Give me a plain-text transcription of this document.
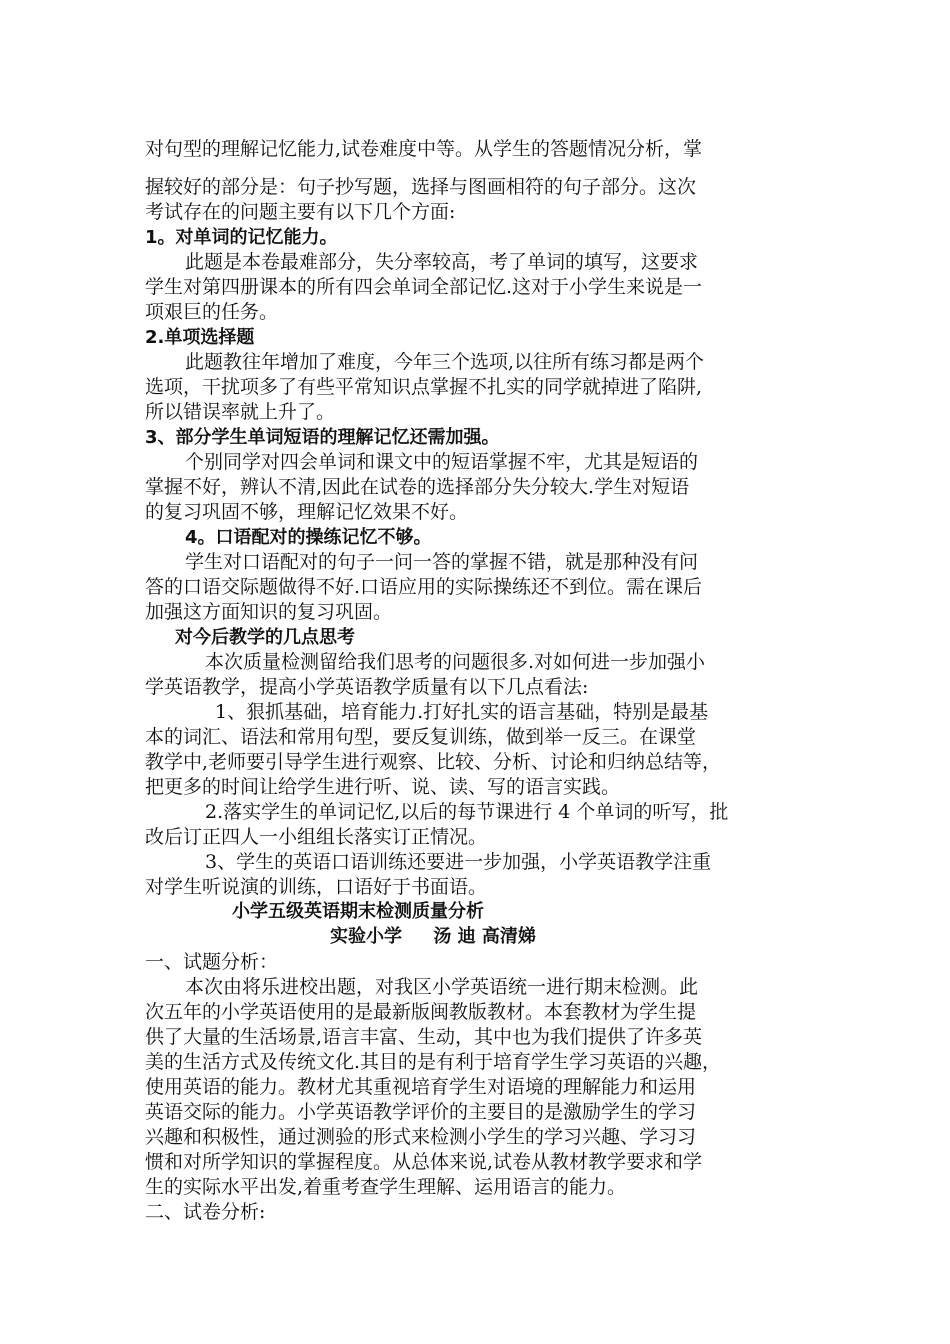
对句型的理解记忆能力,试卷难度中等。从学生的答题情况分析，掌
握较好的部分是：句子抄写题，选择与图画相符的句子部分。这次
考试存在的问题主要有以下几个方面:
1。对单词的记忆能力。
此题是本卷最难部分，失分率较高，考了单词的填写，这要求
学生对第四册课本的所有四会单词全部记忆.这对于小学生来说是一
项艰巨的任务。
2.单项选择题
此题教往年增加了难度，今年三个选项,以往所有练习都是两个
选项，干扰项多了有些平常知识点掌握不扎实的同学就掉进了陷阱,
所以错误率就上升了。
3、部分学生单词短语的理解记忆还需加强。
个别同学对四会单词和课文中的短语掌握不牢，尤其是短语的
掌握不好，辨认不清,因此在试卷的选择部分失分较大.学生对短语
的复习巩固不够，理解记忆效果不好。
4。口语配对的操练记忆不够。
学生对口语配对的句子一问一答的掌握不错，就是那种没有问
答的口语交际题做得不好.口语应用的实际操练还不到位。需在课后
加强这方面知识的复习巩固。
对今后教学的几点思考
本次质量检测留给我们思考的问题很多.对如何进一步加强小
学英语教学，提高小学英语教学质量有以下几点看法:
1、狠抓基础，培育能力.打好扎实的语言基础，特别是最基
本的词汇、语法和常用句型，要反复训练，做到举一反三。在课堂
教学中,老师要引导学生进行观察、比较、分析、讨论和归纳总结等，
把更多的时间让给学生进行听、说、读、写的语言实践。
2.落实学生的单词记忆,以后的每节课进行 4 个单词的听写，批
改后订正四人一小组组长落实订正情况。
3、学生的英语口语训练还要进一步加强，小学英语教学注重
对学生听说演的训练，口语好于书面语。
小学五级英语期末检测质量分析
实验小学     汤 迪 高清娣
一、试题分析：
本次由将乐进校出题，对我区小学英语统一进行期末检测。此
次五年的小学英语使用的是最新版闽教版教材。本套教材为学生提
供了大量的生活场景,语言丰富、生动，其中也为我们提供了许多英
美的生活方式及传统文化.其目的是有利于培育学生学习英语的兴趣，
使用英语的能力。教材尤其重视培育学生对语境的理解能力和运用
英语交际的能力。小学英语教学评价的主要目的是激励学生的学习
兴趣和积极性，通过测验的形式来检测小学生的学习兴趣、学习习
惯和对所学知识的掌握程度。从总体来说,试卷从教材教学要求和学
生的实际水平出发,着重考查学生理解、运用语言的能力。
二、试卷分析:
